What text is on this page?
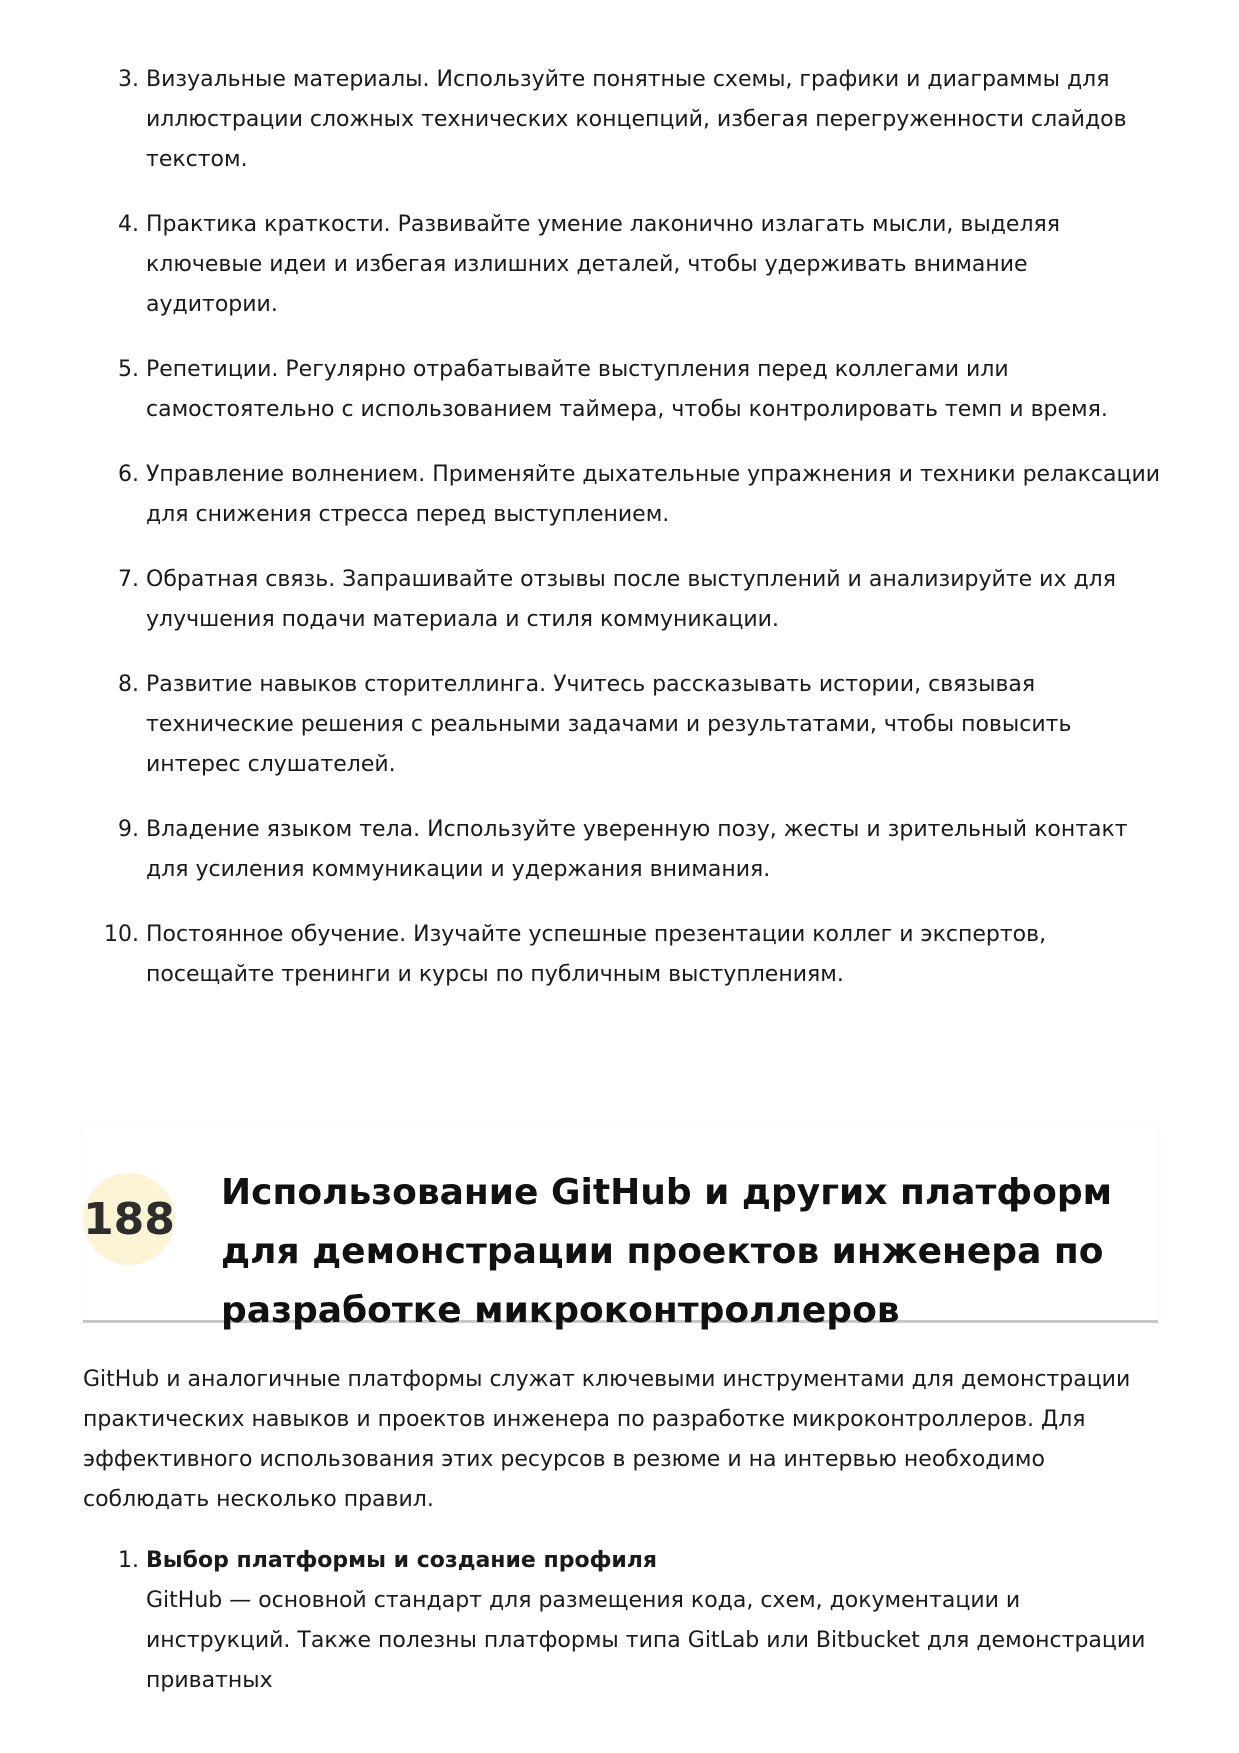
3. Визуальные материалы. Используйте понятные схемы, графики и диаграммы для иллюстрации сложных технических концепций, избегая перегруженности слайдов текстом.
4. Практика краткости. Развивайте умение лаконично излагать мысли, выделяя ключевые идеи и избегая излишних деталей, чтобы удерживать внимание аудитории.
5. Репетиции. Регулярно отрабатывайте выступления перед коллегами или самостоятельно с использованием таймера, чтобы контролировать темп и время.
6. Управление волнением. Применяйте дыхательные упражнения и техники релаксации для снижения стресса перед выступлением.
7. Обратная связь. Запрашивайте отзывы после выступлений и анализируйте их для улучшения подачи материала и стиля коммуникации.
8. Развитие навыков сторителлинга. Учитесь рассказывать истории, связывая технические решения с реальными задачами и результатами, чтобы повысить интерес слушателей.
9. Владение языком тела. Используйте уверенную позу, жесты и зрительный контакт для усиления коммуникации и удержания внимания.
10. Постоянное обучение. Изучайте успешные презентации коллег и экспертов, посещайте тренинги и курсы по публичным выступлениям.
188
Использование GitHub и других платформ для демонстрации проектов инженера по разработке микроконтроллеров

GitHub и аналогичные платформы служат ключевыми инструментами для демонстрации практических навыков и проектов инженера по разработке микроконтроллеров. Для эффективного использования этих ресурсов в резюме и на интервью необходимо соблюдать несколько правил.

1. Выбор платформы и создание профиля
GitHub — основной стандарт для размещения кода, схем, документации и инструкций. Также полезны платформы типа GitLab или Bitbucket для демонстрации приватных
